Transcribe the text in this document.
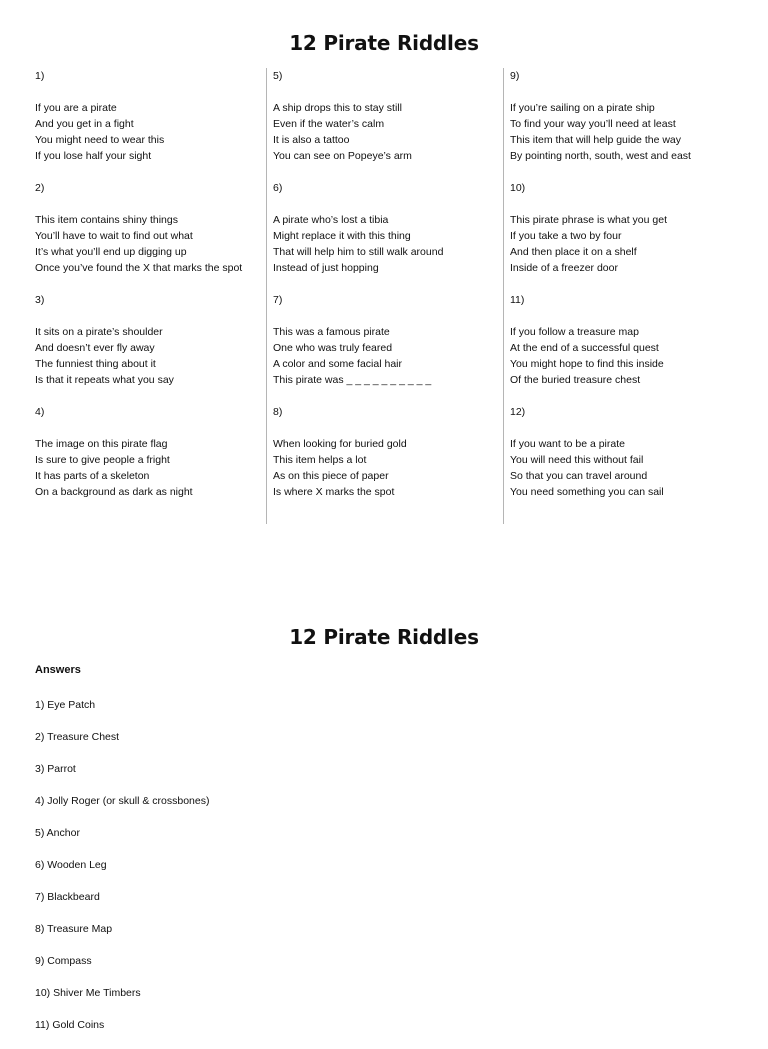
12 Pirate Riddles
1)
If you are a pirate
And you get in a fight
You might need to wear this
If you lose half your sight
2)
This item contains shiny things
You’ll have to wait to find out what
It’s what you’ll end up digging up
Once you’ve found the X that marks the spot
3)
It sits on a pirate’s shoulder
And doesn’t ever fly away
The funniest thing about it
Is that it repeats what you say
4)
The image on this pirate flag
Is sure to give people a fright
It has parts of a skeleton
On a background as dark as night
5)
A ship drops this to stay still
Even if the water’s calm
It is also a tattoo
You can see on Popeye’s arm
6)
A pirate who’s lost a tibia
Might replace it with this thing
That will help him to still walk around
Instead of just hopping
7)
This was a famous pirate
One who was truly feared
A color and some facial hair
This pirate was _ _ _ _ _ _ _ _ _ _
8)
When looking for buried gold
This item helps a lot
As on this piece of paper
Is where X marks the spot
9)
If you’re sailing on a pirate ship
To find your way you’ll need at least
This item that will help guide the way
By pointing north, south, west and east
10)
This pirate phrase is what you get
If you take a two by four
And then place it on a shelf
Inside of a freezer door
11)
If you follow a treasure map
At the end of a successful quest
You might hope to find this inside
Of the buried treasure chest
12)
If you want to be a pirate
You will need this without fail
So that you can travel around
You need something you can sail
12 Pirate Riddles
Answers
1) Eye Patch
2) Treasure Chest
3) Parrot
4) Jolly Roger (or skull & crossbones)
5) Anchor
6) Wooden Leg
7) Blackbeard
8) Treasure Map
9) Compass
10) Shiver Me Timbers
11) Gold Coins
